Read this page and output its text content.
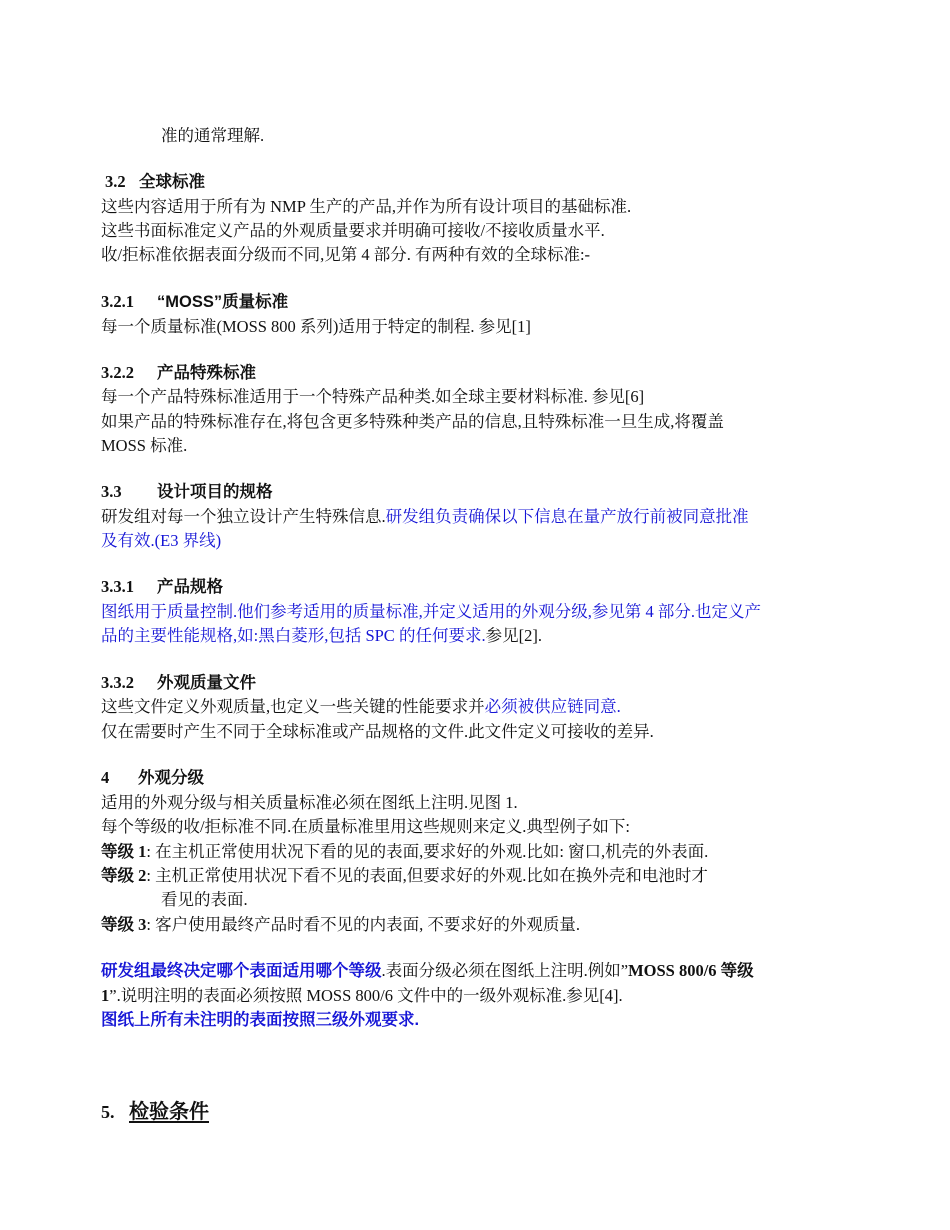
准的通常理解.
3.2 全球标准
这些内容适用于所有为 NMP 生产的产品,并作为所有设计项目的基础标准.
这些书面标准定义产品的外观质量要求并明确可接收/不接收质量水平.
收/拒标准依据表面分级而不同,见第 4 部分. 有两种有效的全球标准:-
3.2.1 “MOSS”质量标准
每一个质量标准(MOSS 800 系列)适用于特定的制程. 参见[1]
3.2.2 产品特殊标准
每一个产品特殊标准适用于一个特殊产品种类.如全球主要材料标准. 参见[6]
如果产品的特殊标准存在,将包含更多特殊种类产品的信息,且特殊标准一旦生成,将覆盖
MOSS 标准.
3.3 设计项目的规格
研发组对每一个独立设计产生特殊信息.研发组负责确保以下信息在量产放行前被同意批准
及有效.(E3 界线)
3.3.1 产品规格
图纸用于质量控制.他们参考适用的质量标准,并定义适用的外观分级,参见第 4 部分.也定义产
品的主要性能规格,如:黑白菱形,包括 SPC 的任何要求.参见[2].
3.3.2 外观质量文件
这些文件定义外观质量,也定义一些关键的性能要求并必须被供应链同意.
仅在需要时产生不同于全球标准或产品规格的文件.此文件定义可接收的差异.
4 外观分级
适用的外观分级与相关质量标准必须在图纸上注明.见图 1.
每个等级的收/拒标准不同.在质量标准里用这些规则来定义.典型例子如下:
等级 1: 在主机正常使用状况下看的见的表面,要求好的外观.比如: 窗口,机壳的外表面.
等级 2: 主机正常使用状况下看不见的表面,但要求好的外观.比如在换外壳和电池时才
看见的表面.
等级 3: 客户使用最终产品时看不见的内表面, 不要求好的外观质量.
研发组最终决定哪个表面适用哪个等级.表面分级必须在图纸上注明.例如”MOSS 800/6 等级
1”.说明注明的表面必须按照 MOSS 800/6 文件中的一级外观标准.参见[4].
图纸上所有未注明的表面按照三级外观要求.
5. 检验条件
